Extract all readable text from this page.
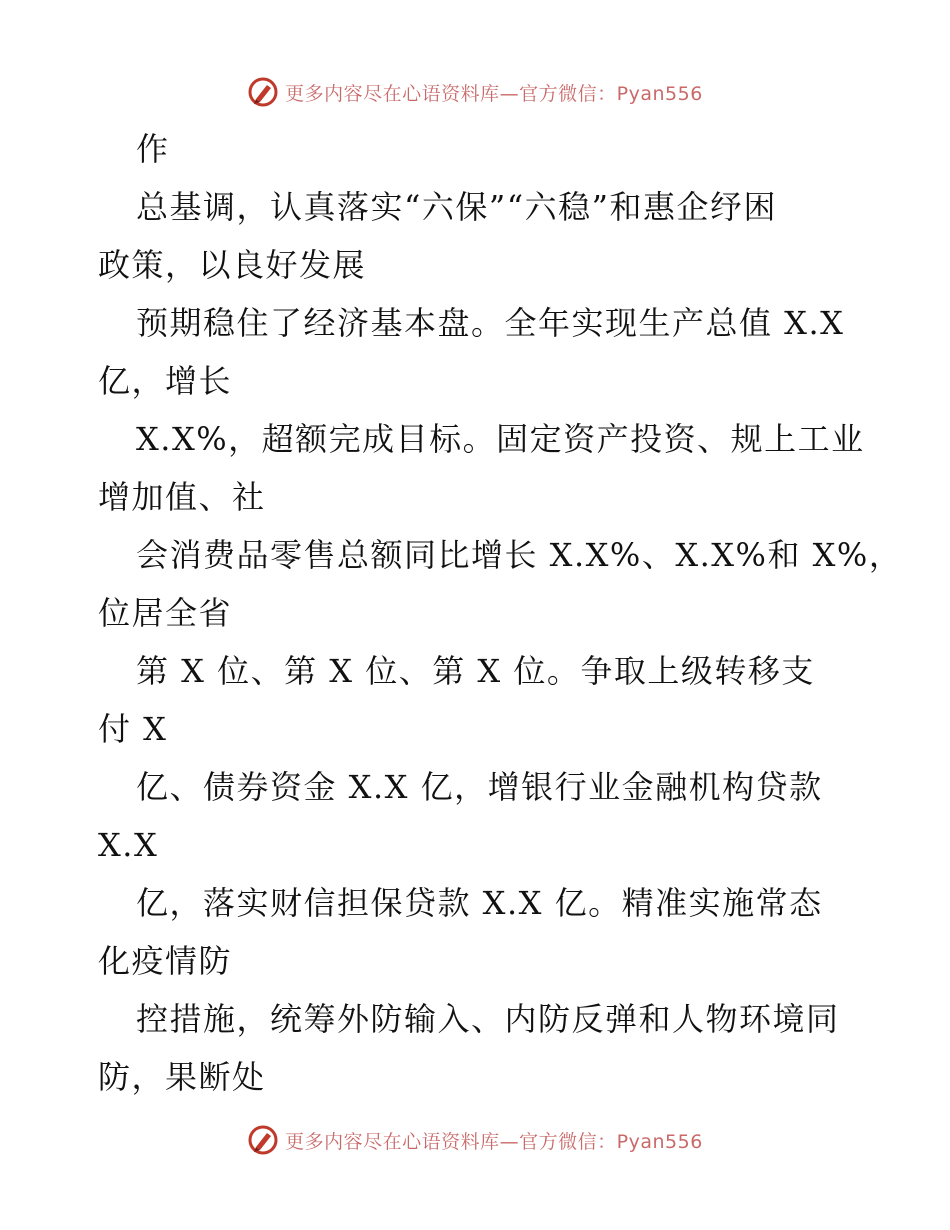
更多内容尽在心语资料库—官方微信：Pyan556
作
总基调，认真落实“六保”“六稳”和惠企纾困
政策，以良好发展
预期稳住了经济基本盘。全年实现生产总值 X.X
亿，增长
X.X%，超额完成目标。固定资产投资、规上工业
增加值、社
会消费品零售总额同比增长 X.X%、X.X%和 X%，
位居全省
第 X 位、第 X 位、第 X 位。争取上级转移支
付 X
亿、债券资金 X.X 亿，增银行业金融机构贷款
X.X
亿，落实财信担保贷款 X.X 亿。精准实施常态
化疫情防
控措施，统筹外防输入、内防反弹和人物环境同
防，果断处
更多内容尽在心语资料库—官方微信：Pyan556
